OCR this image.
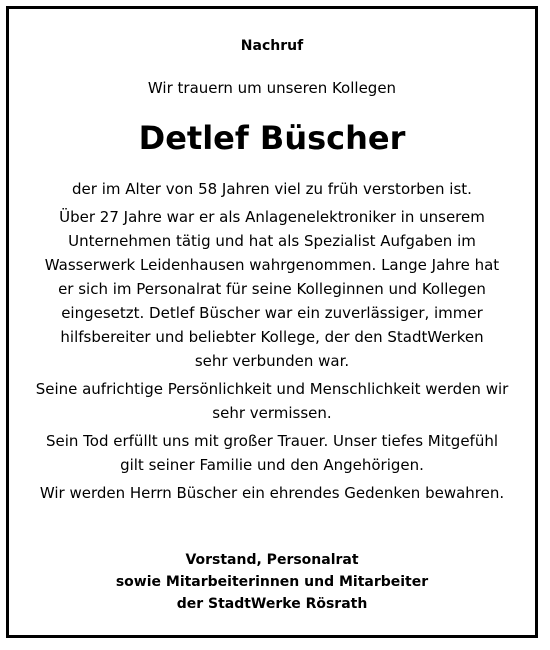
Nachruf
Wir trauern um unseren Kollegen
Detlef Büscher

der im Alter von 58 Jahren viel zu früh verstorben ist.

Über 27 Jahre war er als Anlagenelektroniker in unserem
Unternehmen tätig und hat als Spezialist Aufgaben im
Wasserwerk Leidenhausen wahrgenommen. Lange Jahre hat
er sich im Personalrat für seine Kolleginnen und Kollegen
eingesetzt. Detlef Büscher war ein zuverlässiger, immer
hilfsbereiter und beliebter Kollege, der den StadtWerken
sehr verbunden war.

Seine aufrichtige Persönlichkeit und Menschlichkeit werden wir
sehr vermissen.

Sein Tod erfüllt uns mit großer Trauer. Unser tiefes Mitgefühl
gilt seiner Familie und den Angehörigen.

Wir werden Herrn Büscher ein ehrendes Gedenken bewahren.

Vorstand, Personalrat
sowie Mitarbeiterinnen und Mitarbeiter
der StadtWerke Rösrath
